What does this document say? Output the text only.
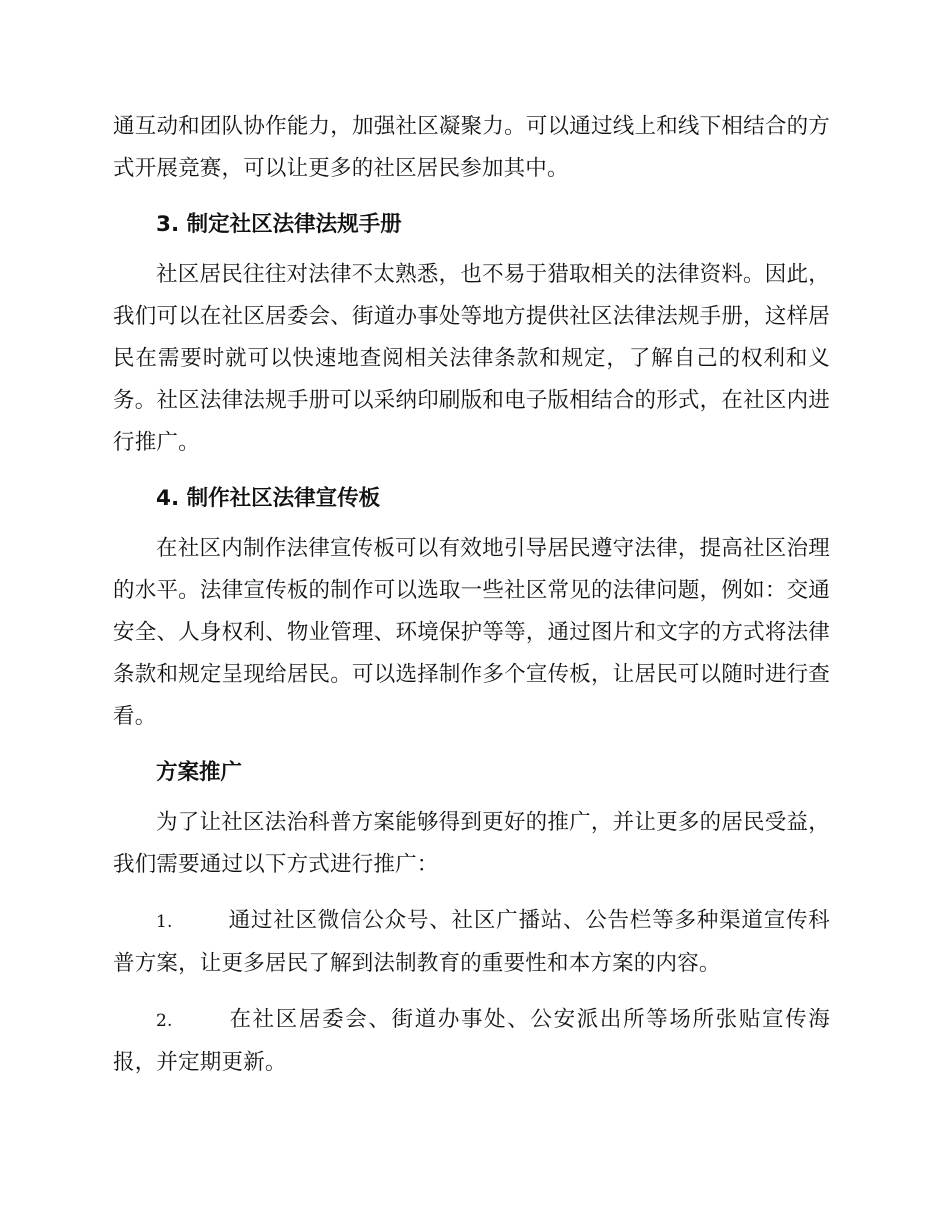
通互动和团队协作能力，加强社区凝聚力。可以通过线上和线下相结合的方式开展竞赛，可以让更多的社区居民参加其中。

3. 制定社区法律法规手册

社区居民往往对法律不太熟悉，也不易于猎取相关的法律资料。因此，我们可以在社区居委会、街道办事处等地方提供社区法律法规手册，这样居民在需要时就可以快速地查阅相关法律条款和规定，了解自己的权利和义务。社区法律法规手册可以采纳印刷版和电子版相结合的形式，在社区内进行推广。

4. 制作社区法律宣传板

在社区内制作法律宣传板可以有效地引导居民遵守法律，提高社区治理的水平。法律宣传板的制作可以选取一些社区常见的法律问题，例如：交通安全、人身权利、物业管理、环境保护等等，通过图片和文字的方式将法律条款和规定呈现给居民。可以选择制作多个宣传板，让居民可以随时进行查看。

方案推广

为了让社区法治科普方案能够得到更好的推广，并让更多的居民受益，我们需要通过以下方式进行推广：

1.	通过社区微信公众号、社区广播站、公告栏等多种渠道宣传科普方案，让更多居民了解到法制教育的重要性和本方案的内容。

2.	在社区居委会、街道办事处、公安派出所等场所张贴宣传海报，并定期更新。
